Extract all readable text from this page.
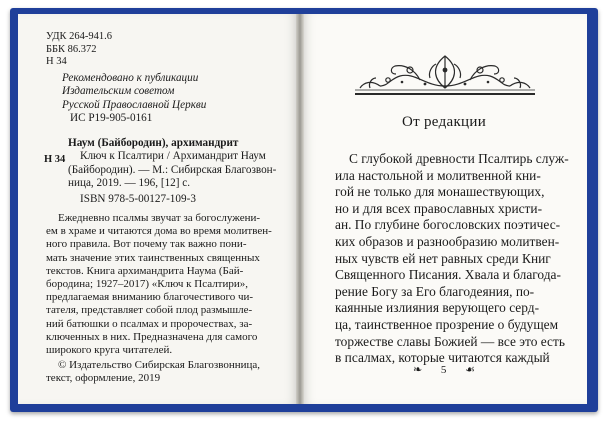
УДК 264-941.6
ББК 86.372
Н 34
Рекомендовано к публикации
Издательским советом
Русской Православной Церкви
ИС Р19-905-0161
Н 34
Наум (Байбородин), архимандрит
Ключ к Псалтири / Архимандрит Наум
(Байбородин). — М.: Сибирская Благозвон-
ница, 2019. — 196, [12] с.
ISBN 978-5-00127-109-3
Ежедневно псалмы звучат за богослужени-
ем в храме и читаются дома во время молитвен-
ного правила. Вот почему так важно пони-
мать значение этих таинственных священных
текстов. Книга архимандрита Наума (Бай-
бородина; 1927–2017) «Ключ к Псалтири»,
предлагаемая вниманию благочестивого чи-
тателя, представляет собой плод размышле-
ний батюшки о псалмах и пророчествах, за-
ключенных в них. Предназначена для самого
широкого круга читателей.
© Издательство Сибирская Благозвонница,
текст, оформление, 2019
От редакции
С глубокой древности Псалтирь служ-
ила настольной и молитвенной кни-
гой не только для монашествующих,
но и для всех православных христи-
ан. По глубине богословских поэтичес-
ких образов и разнообразию молитвен-
ных чувств ей нет равных среди Книг
Священного Писания. Хвала и благода-
рение Богу за Его благодеяния, по-
каянные излияния верующего серд-
ца, таинственное прозрение о будущем
торжестве славы Божией — все это есть
в псалмах, которые читаются каждый
❧ 5 ☙
